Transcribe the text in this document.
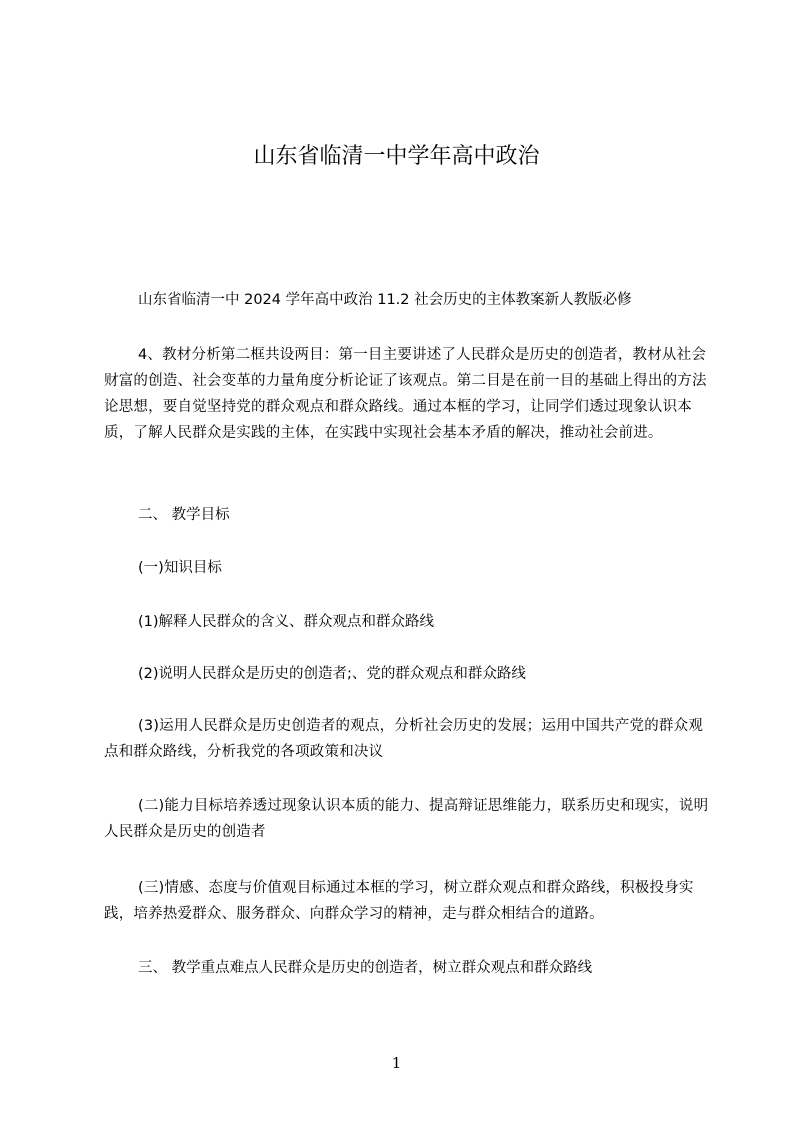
山东省临清一中学年高中政治
山东省临清一中 2024 学年高中政治 11.2 社会历史的主体教案新人教版必修
4、教材分析第二框共设两目：第一目主要讲述了人民群众是历史的创造者，教材从社会财富的创造、社会变革的力量角度分析论证了该观点。第二目是在前一目的基础上得出的方法论思想，要自觉坚持党的群众观点和群众路线。通过本框的学习，让同学们透过现象认识本质，了解人民群众是实践的主体，在实践中实现社会基本矛盾的解决，推动社会前进。
二、 教学目标
(一)知识目标
(1)解释人民群众的含义、群众观点和群众路线
(2)说明人民群众是历史的创造者;、党的群众观点和群众路线
(3)运用人民群众是历史创造者的观点，分析社会历史的发展；运用中国共产党的群众观点和群众路线，分析我党的各项政策和决议
(二)能力目标培养透过现象认识本质的能力、提高辩证思维能力，联系历史和现实，说明人民群众是历史的创造者
(三)情感、态度与价值观目标通过本框的学习，树立群众观点和群众路线，积极投身实践，培养热爱群众、服务群众、向群众学习的精神，走与群众相结合的道路。
三、 教学重点难点人民群众是历史的创造者，树立群众观点和群众路线
1
